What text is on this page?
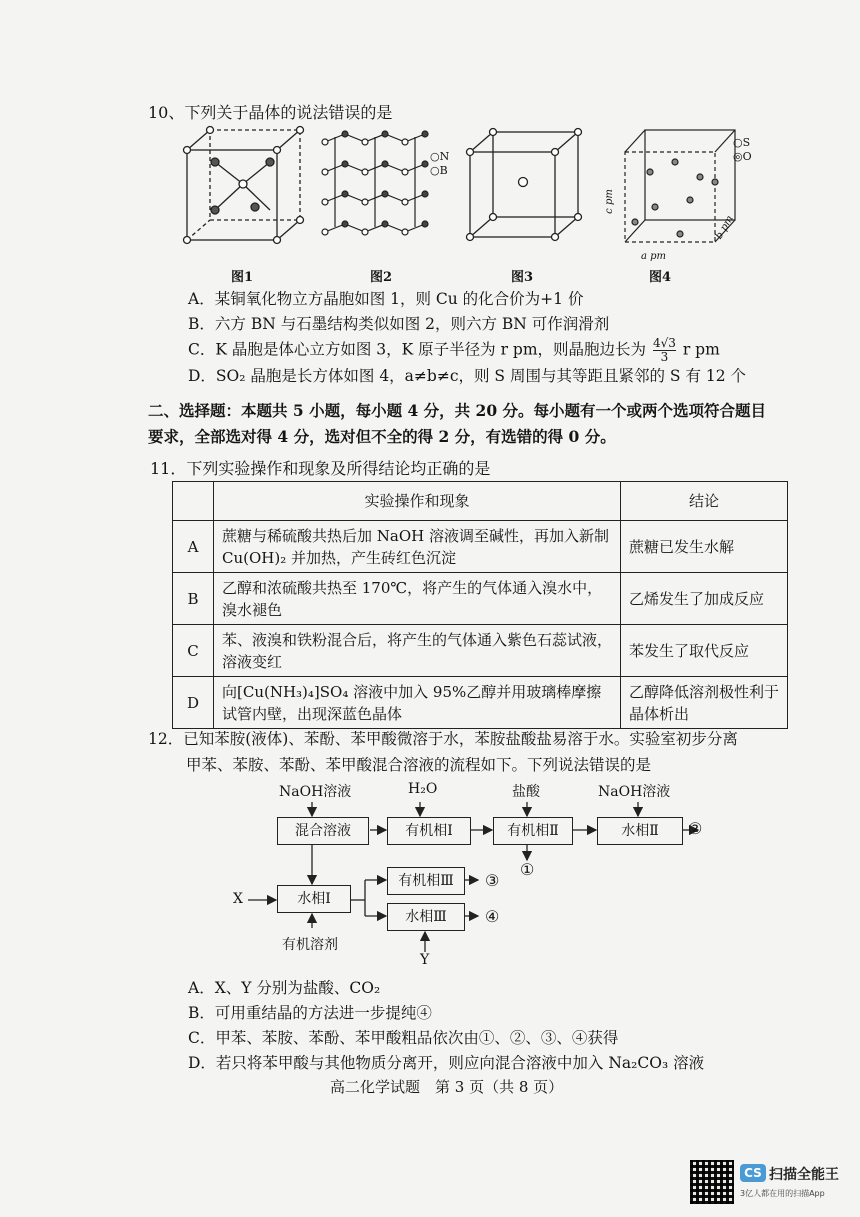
10、下列关于晶体的说法错误的是
图1	图2	图3	图4
○N
○B
○S
◎O
a pm
b pm
c pm
A．某铜氧化物立方晶胞如图 1，则 Cu 的化合价为+1 价
B．六方 BN 与石墨结构类似如图 2，则六方 BN 可作润滑剂
C．K 晶胞是体心立方如图 3，K 原子半径为 r pm，则晶胞边长为 $\frac{4√3}{3}$ r pm
D．SO₂ 晶胞是长方体如图 4，a≠b≠c，则 S 周围与其等距且紧邻的 S 有 12 个
二、选择题：本题共 5 小题，每小题 4 分，共 20 分。每小题有一个或两个选项符合题目
要求，全部选对得 4 分，选对但不全的得 2 分，有选错的得 0 分。
11．下列实验操作和现象及所得结论均正确的是
	实验操作和现象	结论
A	蔗糖与稀硫酸共热后加 NaOH 溶液调至碱性，再加入新制 Cu(OH)₂ 并加热，产生砖红色沉淀	蔗糖已发生水解
B	乙醇和浓硫酸共热至 170℃，将产生的气体通入溴水中，溴水褪色	乙烯发生了加成反应
C	苯、液溴和铁粉混合后，将产生的气体通入紫色石蕊试液，溶液变红	苯发生了取代反应
D	向[Cu(NH₃)₄]SO₄ 溶液中加入 95%乙醇并用玻璃棒摩擦试管内壁，出现深蓝色晶体	乙醇降低溶剂极性利于晶体析出
12．已知苯胺(液体)、苯酚、苯甲酸微溶于水，苯胺盐酸盐易溶于水。实验室初步分离
甲苯、苯胺、苯酚、苯甲酸混合溶液的流程如下。下列说法错误的是
NaOH溶液	H₂O	盐酸	NaOH溶液
混合溶液	有机相Ⅰ	有机相Ⅱ	水相Ⅱ	②
①
X	水相Ⅰ
有机相Ⅲ
水相Ⅲ
③
④
有机溶剂
Y
A．X、Y 分别为盐酸、CO₂
B．可用重结晶的方法进一步提纯④
C．甲苯、苯胺、苯酚、苯甲酸粗品依次由①、②、③、④获得
D．若只将苯甲酸与其他物质分离开，则应向混合溶液中加入 Na₂CO₃ 溶液
高二化学试题　第 3 页（共 8 页）
CS 扫描全能王
3亿人都在用的扫描App
